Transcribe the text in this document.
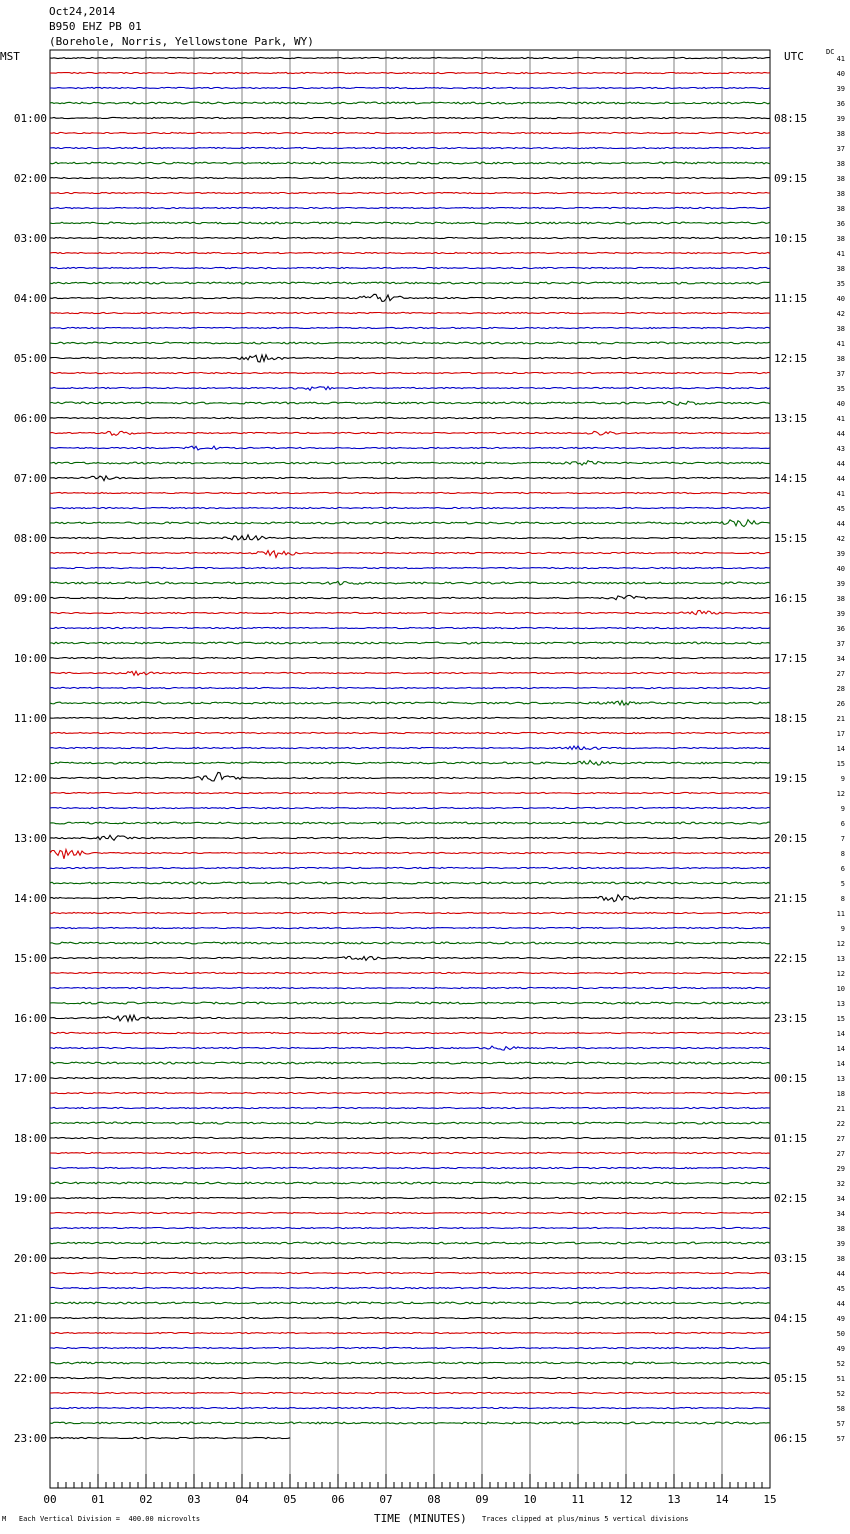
Oct24,2014
B950 EHZ PB 01
(Borehole, Norris, Yellowstone Park, WY)
MST	UTC	DC
41
40
39
36
39
38
37
38
38
38
38
36
38
41
38
35
40
42
38
41
38
37
35
40
41
44
43
44
44
41
45
44
42
39
40
39
38
39
36
37
34
27
28
26
21
17
14
15
9
12
9
6
7
8
6
5
8
11
9
12
13
12
10
13
15
14
14
14
13
18
21
22
27
27
29
32
34
34
38
39
38
44
45
44
49
50
49
52
51
52
58
57
57
01:00
02:00
03:00
04:00
05:00
06:00
07:00
08:00
09:00
10:00
11:00
12:00
13:00
14:00
15:00
16:00
17:00
18:00
19:00
20:00
21:00
22:00
23:00
08:15
09:15
10:15
11:15
12:15
13:15
14:15
15:15
16:15
17:15
18:15
19:15
20:15
21:15
22:15
23:15
00:15
01:15
02:15
03:15
04:15
05:15
06:15
00	01	02	03	04	05	06	07	08	09	10	11	12	13	14	15
M Each Vertical Division =  400.00 microvolts	TIME (MINUTES) Traces clipped at plus/minus 5 vertical divisions
